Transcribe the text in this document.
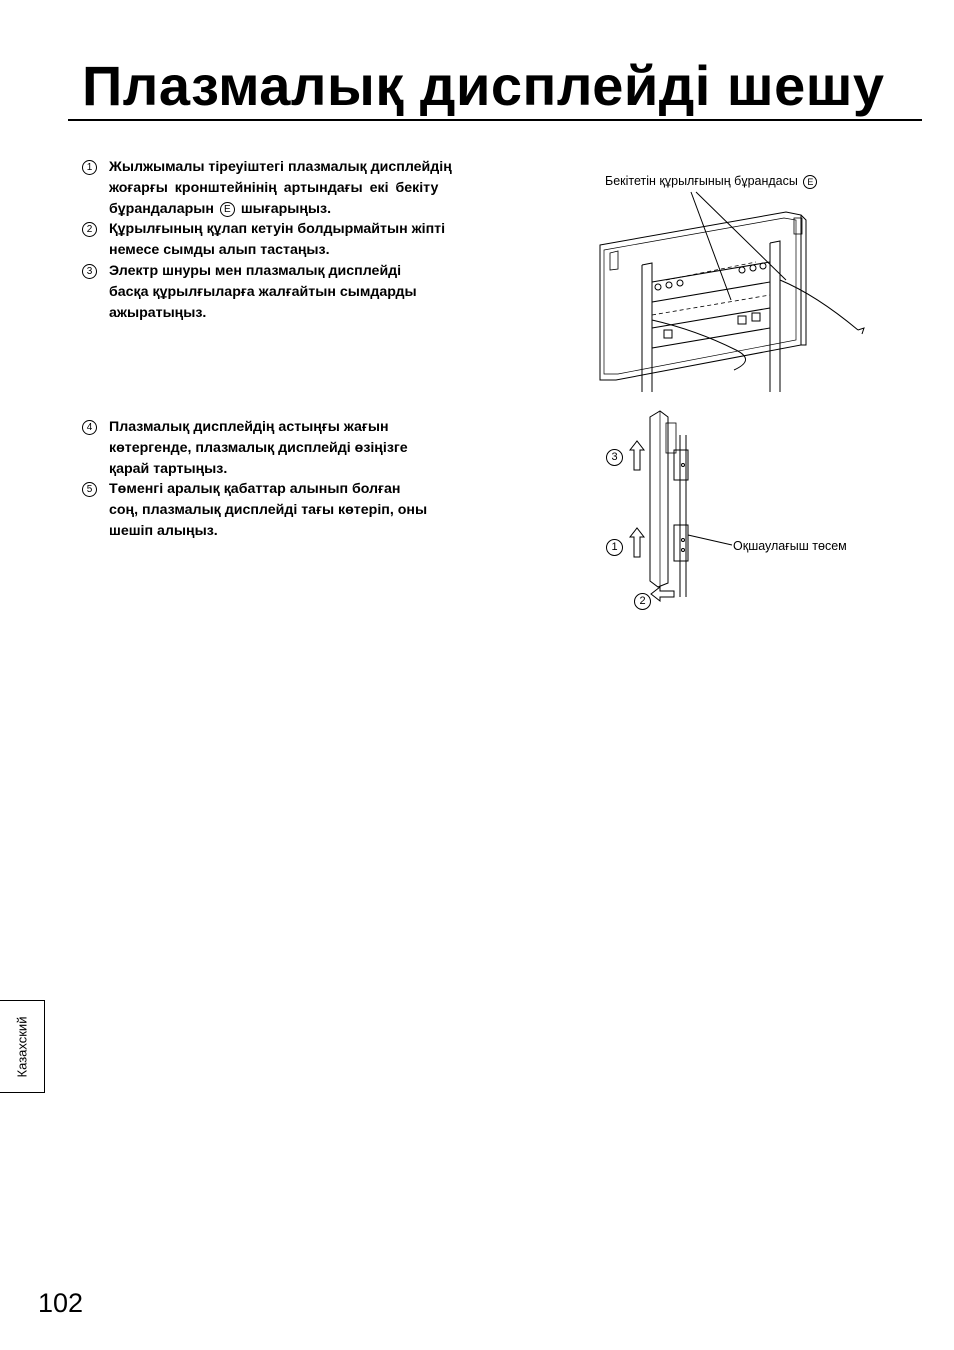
Плазмалық дисплейді шешу
1	Жылжымалы тіреуіштегі плазмалық дисплейдің
жоғарғы кронштейнінің артындағы екі бекіту
бұрандаларын E шығарыңыз.
2	Құрылғының құлап кетуін болдырмайтын жіпті
немесе сымды алып тастаңыз.
3	Электр шнуры мен плазмалық дисплейді
басқа құрылғыларға жалғайтын сымдарды
ажыратыңыз.
4	Плазмалық дисплейдің астыңғы жағын
көтергенде, плазмалық дисплейді өзіңізге
қарай тартыңыз.
5	Төменгі аралық қабаттар алынып болған
соң, плазмалық дисплейді тағы көтеріп, оны
шешіп алыңыз.
Бекітетін құрылғының бұрандасы E
3
1
2
Оқшаулағыш төсем
Казахский
102
